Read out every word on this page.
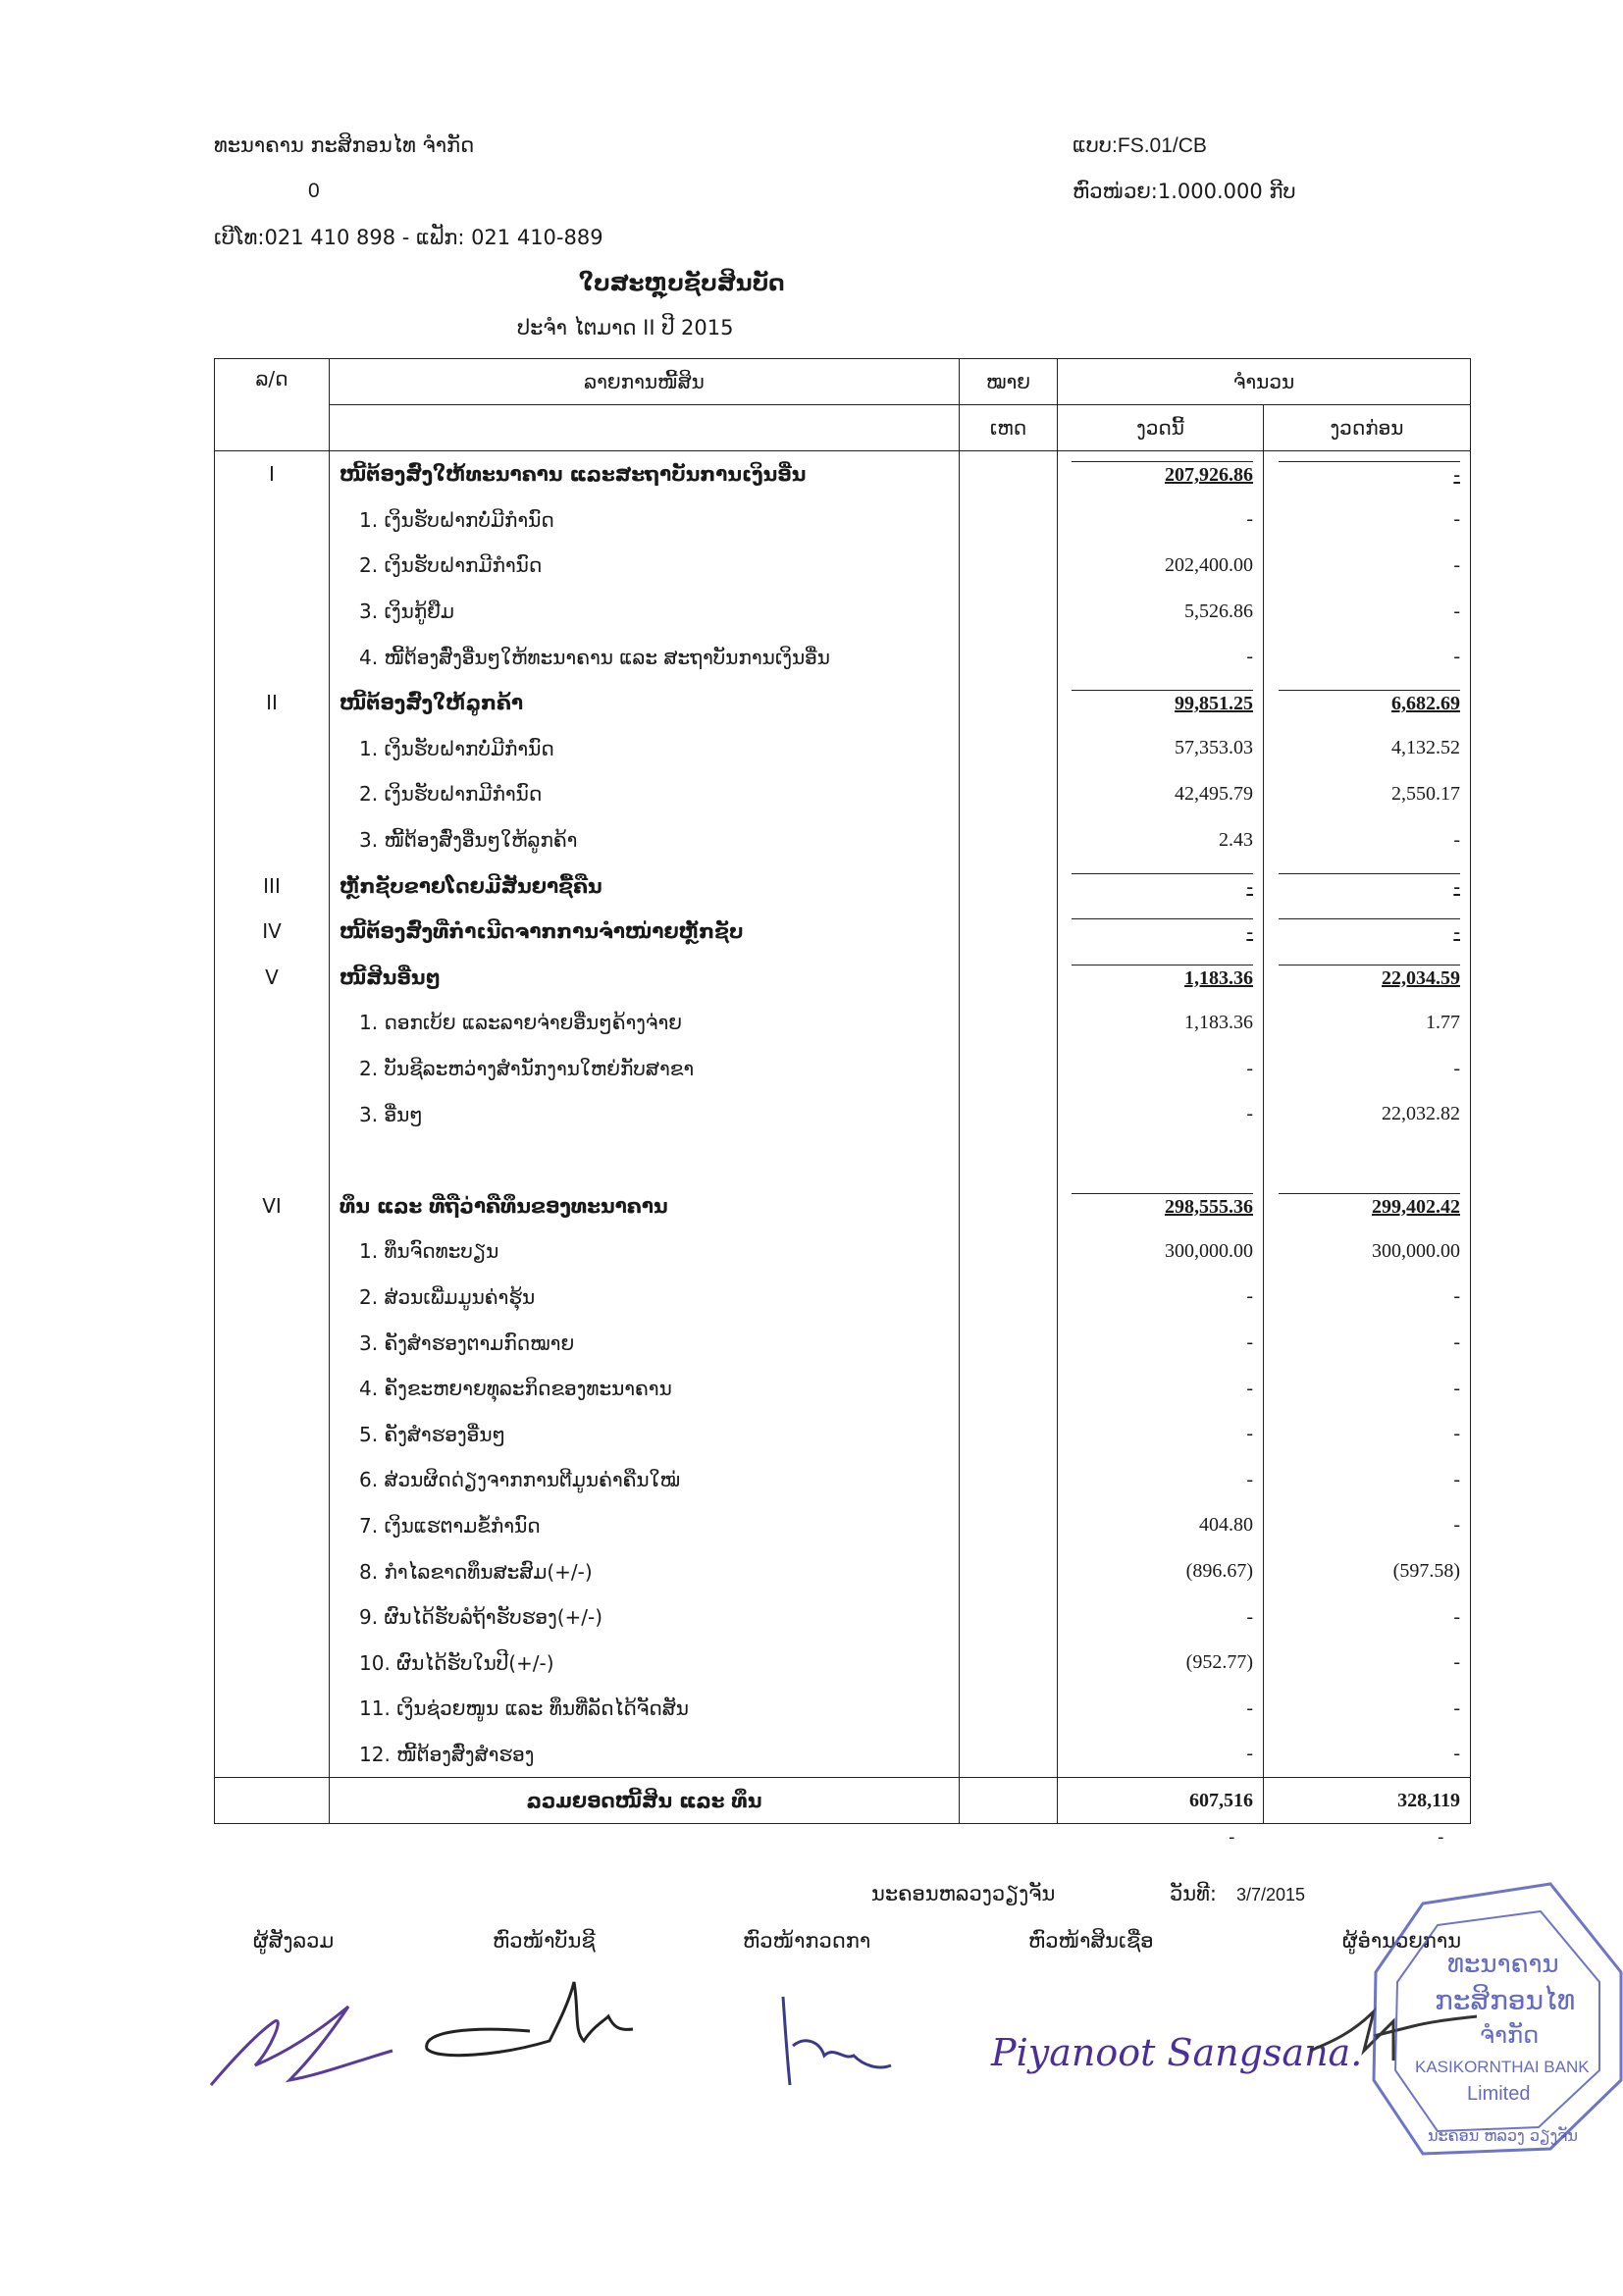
ທະນາຄານ ກະສິກອນໄທ ຈຳກັດ	ແບບ:FS.01/CB
0	ຫົວໜ່ວຍ:1.000.000 ກີບ
ເບີໂທ:021 410 898 - ແຟັກ: 021 410-889
ໃບສະຫຼຸບຊັບສິນບັດ
ປະຈຳ ໄຕມາດ II ປີ 2015
ລ/ດ	ລາຍການໜີ້ສິນ	ໝາຍ	ຈຳນວນ	
		ເຫດ	ງວດນີ້	ງວດກ່ອນ
I	ໜີ້ຕ້ອງສົ່ງໃຫ້ທະນາຄານ ແລະສະຖາບັນການເງິນອື່ນ		207,926.86	-
	1. ເງິນຮັບຝາກບໍ່ມີກຳນົດ		-	-
	2. ເງິນຮັບຝາກມີກຳນົດ		202,400.00	-
	3. ເງິນກູ້ຢືມ		5,526.86	-
	4. ໜີ້ຕ້ອງສົ່ງອື່ນໆໃຫ້ທະນາຄານ ແລະ ສະຖາບັນການເງິນອື່ນ		-	-
II	ໜີ້ຕ້ອງສົ່ງໃຫ້ລູກຄ້າ		99,851.25	6,682.69
	1. ເງິນຮັບຝາກບໍ່ມີກຳນົດ		57,353.03	4,132.52
	2. ເງິນຮັບຝາກມີກຳນົດ		42,495.79	2,550.17
	3. ໜີ້ຕ້ອງສົ່ງອື່ນໆໃຫ້ລູກຄ້າ		2.43	-
III	ຫຼັກຊັບຂາຍໂດຍມີສັນຍາຊື້ຄືນ		-	-
IV	ໜີ້ຕ້ອງສົ່ງທີ່ກໍາເນີດຈາກການຈໍາໜ່າຍຫຼັກຊັບ		-	-
V	ໜີ້ສິນອື່ນໆ		1,183.36	22,034.59
	1. ດອກເບ້ຍ ແລະລາຍຈ່າຍອື່ນໆຄ້າງຈ່າຍ		1,183.36	1.77
	2. ບັນຊີລະຫວ່າງສຳນັກງານໃຫຍ່ກັບສາຂາ		-	-
	3. ອື່ນໆ		-	22,032.82

VI	ທຶນ ແລະ ທີ່ຖືວ່າຄືທຶນຂອງທະນາຄານ		298,555.36	299,402.42
	1. ທຶນຈົດທະບຽນ		300,000.00	300,000.00
	2. ສ່ວນເພີ່ມມູນຄ່າຮຸ້ນ		-	-
	3. ຄັງສຳຮອງຕາມກົດໝາຍ		-	-
	4. ຄັງຂະຫຍາຍທຸລະກິດຂອງທະນາຄານ		-	-
	5. ຄັງສຳຮອງອື່ນໆ		-	-
	6. ສ່ວນຜິດດ່ຽງຈາກການຕີມູນຄ່າຄືນໃໝ່		-	-
	7. ເງິນແຮຕາມຂໍ້ກຳນົດ		404.80	-
	8. ກຳໄລຂາດທຶນສະສົມ(+/-)		(896.67)	(597.58)
	9. ຜົນໄດ້ຮັບລໍຖ້າຮັບຮອງ(+/-)		-	-
	10. ຜົນໄດ້ຮັບໃນປີ(+/-)		(952.77)	-
	11. ເງິນຊ່ວຍໜູນ ແລະ ທຶນທີ່ລັດໄດ້ຈັດສັນ		-	-
	12. ໜີ້ຕ້ອງສົ່ງສຳຮອງ		-	-
	ລວມຍອດໜີ້ສິນ ແລະ ທຶນ		607,516	328,119
-	-
ນະຄອນຫລວງວຽງຈັນ	ວັນທີ: 3/7/2015
ຜູ້ສັງລວມ	ຫົວໜ້າບັນຊີ	ຫົວໜ້າກວດກາ	ຫົວໜ້າສິນເຊື່ອ	ຜູ້ອຳນວຍການ
Piyanoot Sangsana.
ທະນາຄານ
ກະສິກອນໄທ
ຈຳກັດ
KASIKORNTHAI BANK
Limited
ນະຄອນ ຫລວງ ວຽງຈັນ
